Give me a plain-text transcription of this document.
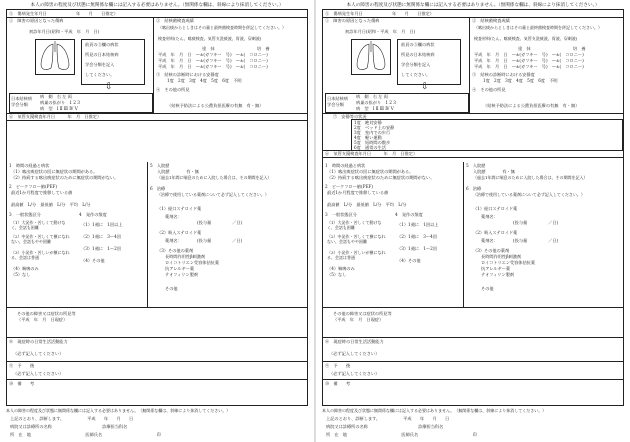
本人の障害の程度及び状態に無関係な欄には記入する必要はありません。（無関係な欄は、斜線により抹消してください。）
⑤　傷病発生年月日　　　　　　　年　　月　　日推定）
①　障害の原因となった傷病
初診年月日(昭和・平成　年　月　日)
前頁の⑤欄の病状
所見の日本結核病
学会分類を記入
してください。
⇩
日本結核病
学会分類
病　側　右 左 両
病巣の拡がり　1 2 3
病　型　Ⅰ Ⅱ Ⅲ Ⅳ Ⅴ
②　結核菌検査成績
（喀出痰からとしきはその量と最終菌検査時期を併記してください。）
検査材料(たん、喀痰検査、気管支洗痰液、胃液、穿刺液)
塗　抹	培　養
平成　年　月　日　—±(ガフキー　号)　—±(　コロニー)
平成　年　月　日　—±(ガフキー　号)　—±(　コロニー)
平成　年　月　日　—±(ガフキー　号)　—±(　コロニー)
③　結核の診断時における安静度
1度　2度　3度　4度　5度　6度　不明
④　その他の所見
（結核予防法による公費負担医療の有無　有・無）
⑥　気管支鏡検査年月日　　　年　月　日推定）
1　時間の経過と病状
（1）喀出痰症状の回に無症状の期間がある。
（2）持続する喀出痰症状のために無症状の期間がない。
2　ピークフロー値(PEF)
最近1か月程度で推移している値
最高値　L/分　最低値　L/分　平均　L/分
3　一般状態区分
（1）大発作・苦しくて動けなく、会話も困難
（2）中発作・苦しくて横になれない、会話もやや困難
（3）小発作・苦しいが横になれる、会話は普通
（4）喘鳴のみ
（5）なし
4　発作の頻度
（1）1週に　1回以上
（2）1週に　3〜4回
（3）1週に　1〜2回
（4）その他
5　入院歴
入院歴　　　　有・無
（過去1年間に喘息のために入院した場合は、その期間を記入）
6　治療
（治療で使用している薬剤について必ず記入してください。）
（1）経口ステロイド薬
薬剤名：
(投与量　　　　　／日)
（2）吸入ステロイド薬
薬剤名：	(投与量　　　　　／日)
（3）その他の薬剤
長時間作用性β刺激剤
ロイコトリエン受容体拮抗薬
抗アレルギー薬
テオフィリン製剤
その他
その他の障害又は症状の所見等
（平成　年　月　日現症）
⑧　現症時の日常生活活動能力
（必ず記入してください）
⑨　予　　後
（必ず記入してください）
⑩　備　　考
本人の障害の程度及び状態に無関係な欄には記入する必要はありません。（無関係な欄は、斜線により抹消してください。）
上記のとおり、診断します。　　　　　　平成　　年　　月　　日
病院又は診療所の名称　　　　　　　　　　　　診療担当科名
所　在　地　　　　　　　　　　　　　医師氏名　　　　　　　　　　　　　印
本人の障害の程度及び状態に無関係な欄には記入する必要はありません。（無関係な欄は、斜線により抹消してください。）
⑤　傷病発生年月日　　　　　　　年　　月　　日推定）
①　障害の原因となった傷病
初診年月日(昭和・平成　年　月　日)
前頁の⑤欄の病状
所見の日本結核病
学会分類を記入
してください。
⇩
日本結核病
学会分類
病　側　右 左 両
病巣の拡がり　1 2 3
病　型　Ⅰ Ⅱ Ⅲ Ⅳ Ⅴ
②　結核菌検査成績
（喀出痰からとしきはその量と最終菌検査時期を併記してください。）
検査材料(たん、喀痰検査、気管支洗痰液、胃液、穿刺液)
塗　抹	培　養
平成　年　月　日　—±(ガフキー　号)　—±(　コロニー)
平成　年　月　日　—±(ガフキー　号)　—±(　コロニー)
平成　年　月　日　—±(ガフキー　号)　—±(　コロニー)
③　結核の診断時における安静度
1度　2度　3度　4度　5度　6度　不明
④　その他の所見
（結核予防法による公費負担医療の有無　有・無）
⑦　安静等の状況
1度　絶対安静
2度　ベッド上の安静
3度　室内での歩行
4度　軽い運動
5度　短時間の散歩
6度　通常の生活
⑥　気管支鏡検査年月日　　　年　月　日推定）
1　時間の経過と病状
（1）喀出痰症状の回に無症状の期間がある。
（2）持続する喀出痰症状のために無症状の期間がない。
2　ピークフロー値(PEF)
最近1か月程度で推移している値
最高値　L/分　最低値　L/分　平均　L/分
3　一般状態区分
（1）大発作・苦しくて動けなく、会話も困難
（2）中発作・苦しくて横になれない、会話もやや困難
（3）小発作・苦しいが横になれる、会話は普通
（4）喘鳴のみ
（5）なし
4　発作の頻度
（1）1週に　1回以上
（2）1週に　3〜4回
（3）1週に　1〜2回
（4）その他
5　入院歴
入院歴　　　　有・無
（過去1年間に喘息のために入院した場合は、その期間を記入）
6　治療
（治療で使用している薬剤について必ず記入してください。）
（1）経口ステロイド薬
薬剤名：
(投与量　　　　　／日)
（2）吸入ステロイド薬
薬剤名：	(投与量　　　　　／日)
（3）その他の薬剤
長時間作用性β刺激剤
ロイコトリエン受容体拮抗薬
抗アレルギー薬
テオフィリン製剤
その他
その他の障害又は症状の所見等
（平成　年　月　日現症）
⑧　現症時の日常生活活動能力
（必ず記入してください）
⑨　予　　後
（必ず記入してください）
⑩　備　　考
本人の障害の程度及び状態に無関係な欄には記入する必要はありません。（無関係な欄は、斜線により抹消してください。）
上記のとおり、診断します。　　　　　　平成　　年　　月　　日
病院又は診療所の名称　　　　　　　　　　　　診療担当科名
所　在　地　　　　　　　　　　　　　医師氏名　　　　　　　　　　　　　印
